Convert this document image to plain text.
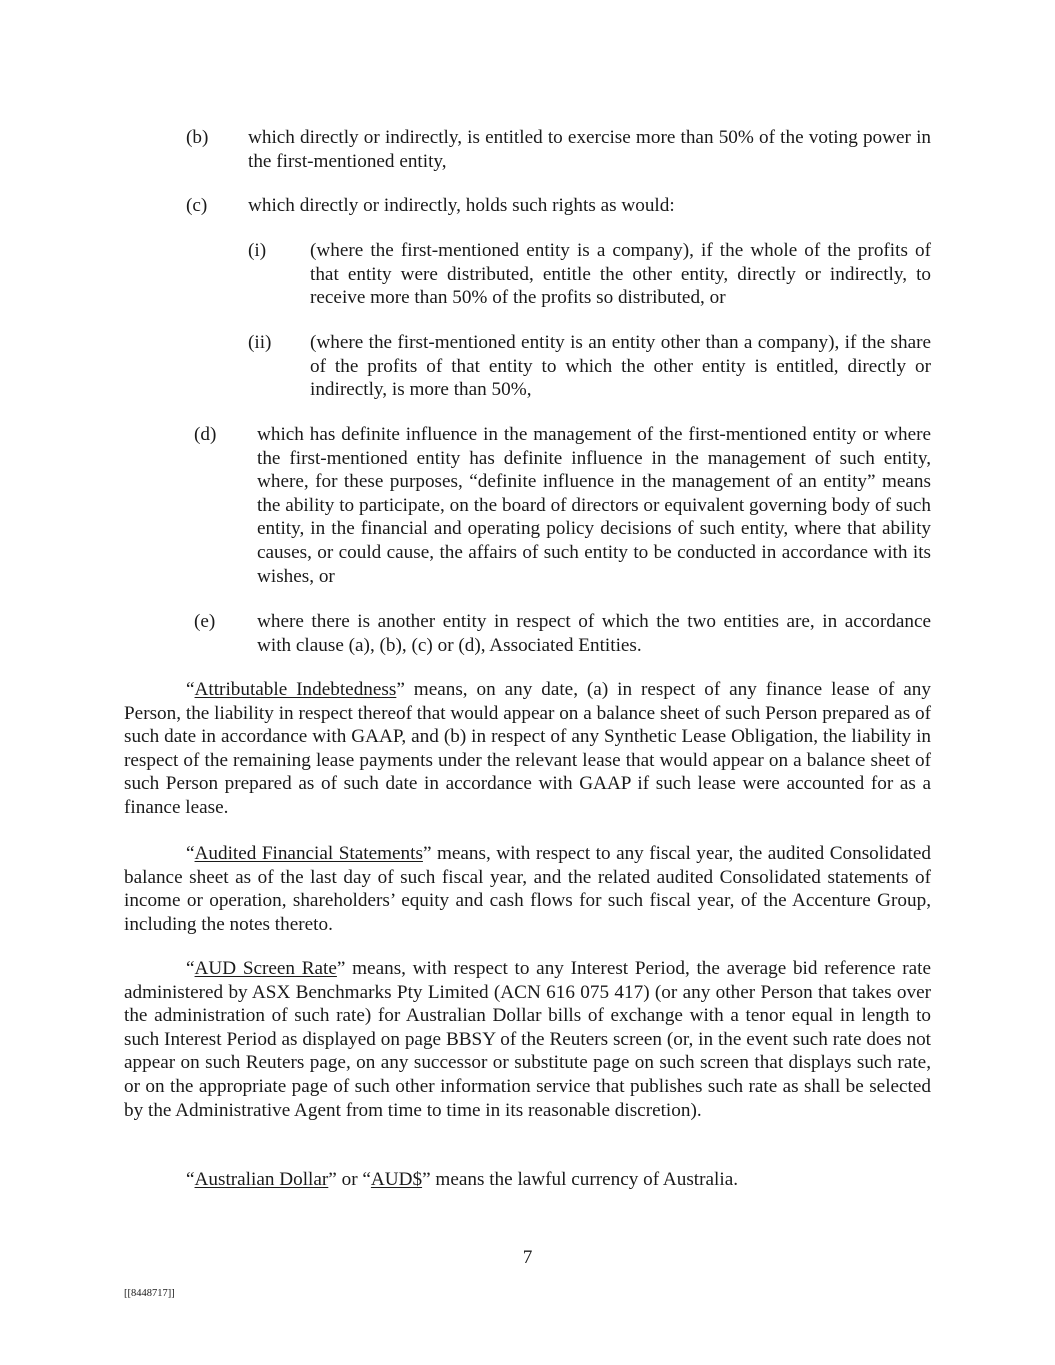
(b) which directly or indirectly, is entitled to exercise more than 50% of the voting power in the first-mentioned entity,
(c) which directly or indirectly, holds such rights as would:
(i) (where the first-mentioned entity is a company), if the whole of the profits of that entity were distributed, entitle the other entity, directly or indirectly, to receive more than 50% of the profits so distributed, or
(ii) (where the first-mentioned entity is an entity other than a company), if the share of the profits of that entity to which the other entity is entitled, directly or indirectly, is more than 50%,
(d) which has definite influence in the management of the first-mentioned entity or where the first-mentioned entity has definite influence in the management of such entity, where, for these purposes, “definite influence in the management of an entity” means the ability to participate, on the board of directors or equivalent governing body of such entity, in the financial and operating policy decisions of such entity, where that ability causes, or could cause, the affairs of such entity to be conducted in accordance with its wishes, or
(e) where there is another entity in respect of which the two entities are, in accordance with clause (a), (b), (c) or (d), Associated Entities.
“Attributable Indebtedness” means, on any date, (a) in respect of any finance lease of any Person, the liability in respect thereof that would appear on a balance sheet of such Person prepared as of such date in accordance with GAAP, and (b) in respect of any Synthetic Lease Obligation, the liability in respect of the remaining lease payments under the relevant lease that would appear on a balance sheet of such Person prepared as of such date in accordance with GAAP if such lease were accounted for as a finance lease.
“Audited Financial Statements” means, with respect to any fiscal year, the audited Consolidated balance sheet as of the last day of such fiscal year, and the related audited Consolidated statements of income or operation, shareholders’ equity and cash flows for such fiscal year, of the Accenture Group, including the notes thereto.
“AUD Screen Rate” means, with respect to any Interest Period, the average bid reference rate administered by ASX Benchmarks Pty Limited (ACN 616 075 417) (or any other Person that takes over the administration of such rate) for Australian Dollar bills of exchange with a tenor equal in length to such Interest Period as displayed on page BBSY of the Reuters screen (or, in the event such rate does not appear on such Reuters page, on any successor or substitute page on such screen that displays such rate, or on the appropriate page of such other information service that publishes such rate as shall be selected by the Administrative Agent from time to time in its reasonable discretion).
“Australian Dollar” or “AUD$” means the lawful currency of Australia.
7
[[8448717]]
